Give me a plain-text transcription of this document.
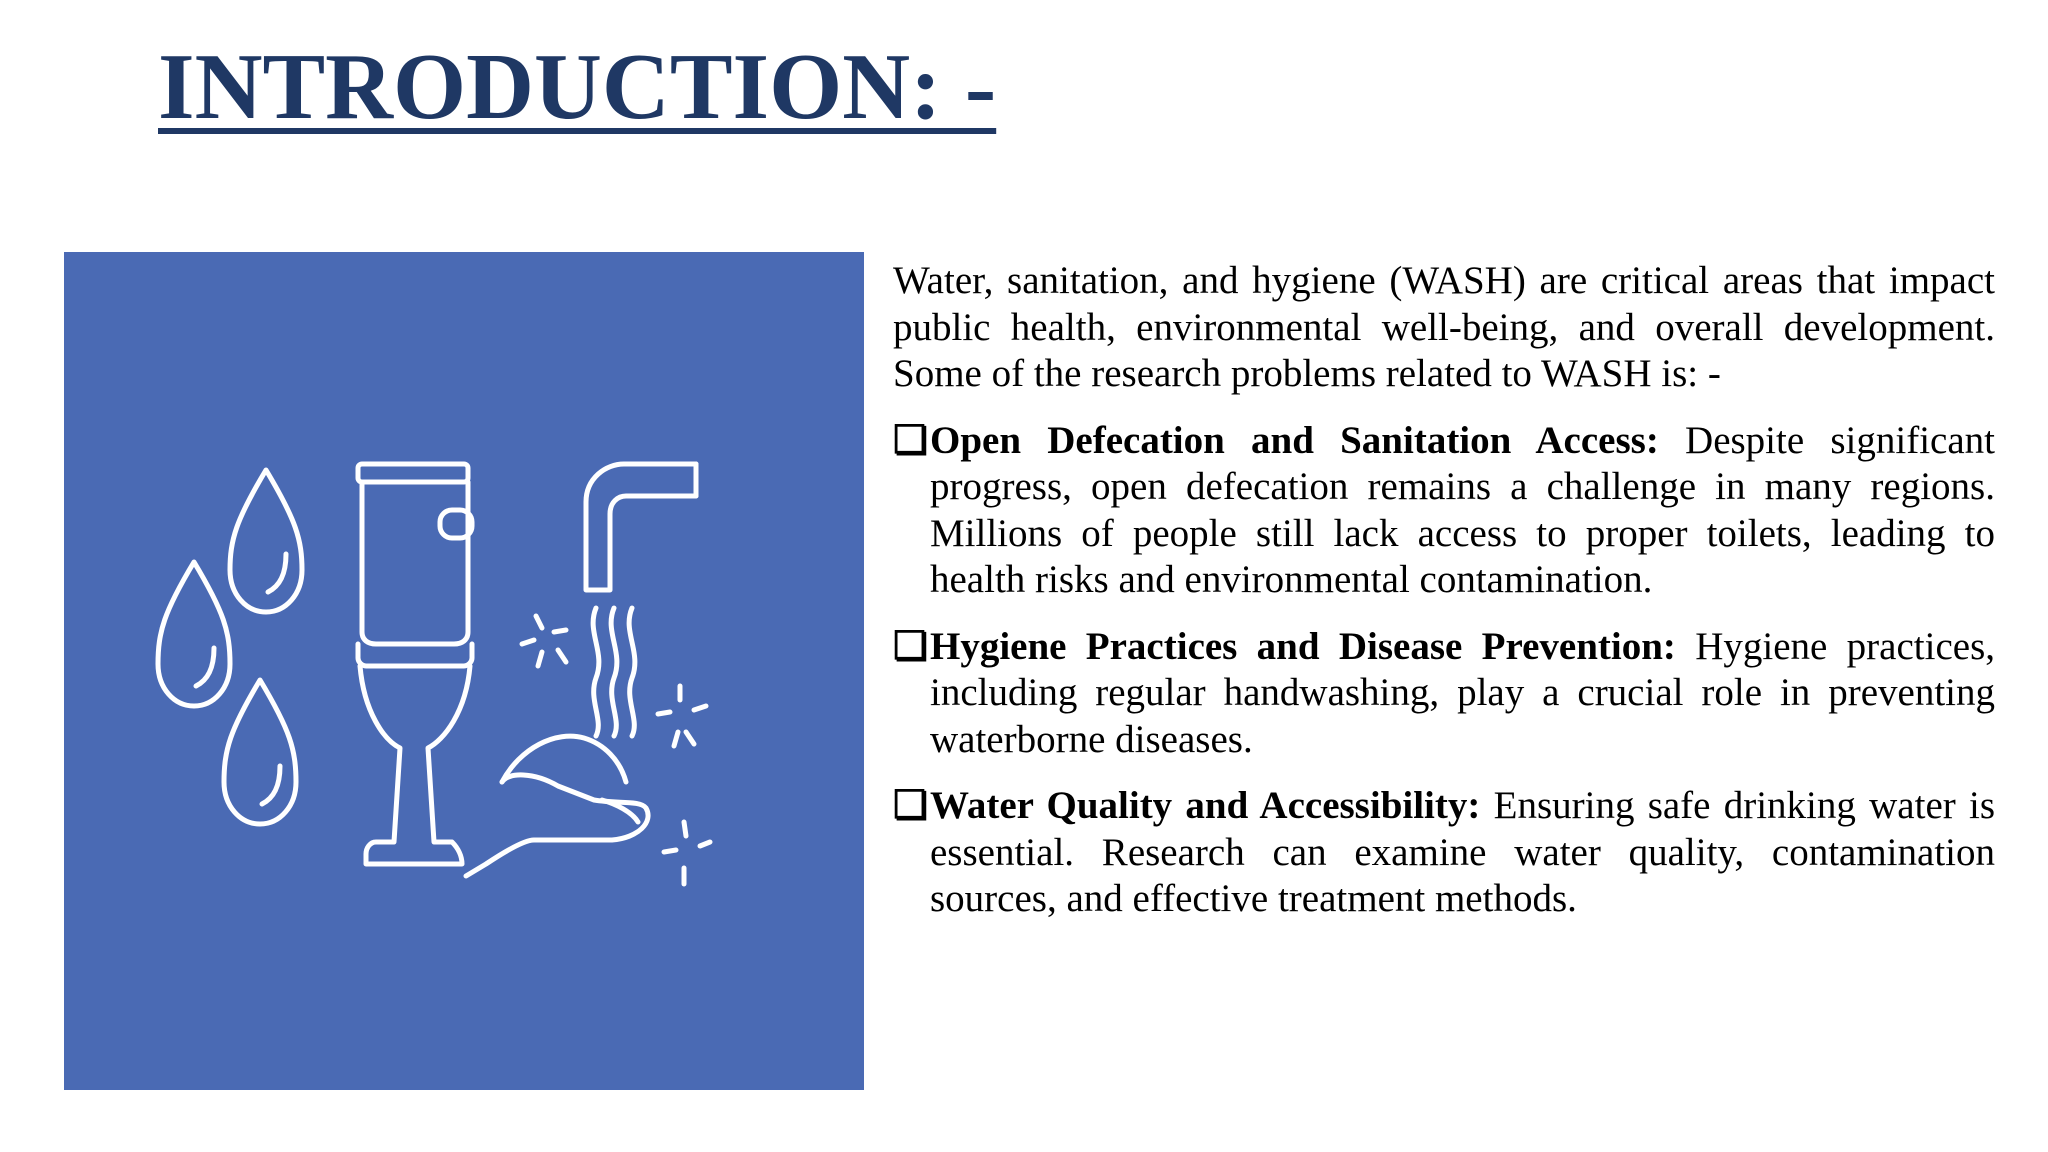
INTRODUCTION: -

Water, sanitation, and hygiene (WASH) are critical areas that impact public health, environmental well-being, and overall development. Some of the research problems related to WASH is: -

❏ Open Defecation and Sanitation Access: Despite significant progress, open defecation remains a challenge in many regions. Millions of people still lack access to proper toilets, leading to health risks and environmental contamination.

❏ Hygiene Practices and Disease Prevention: Hygiene practices, including regular handwashing, play a crucial role in preventing waterborne diseases.

❏ Water Quality and Accessibility: Ensuring safe drinking water is essential. Research can examine water quality, contamination sources, and effective treatment methods.
